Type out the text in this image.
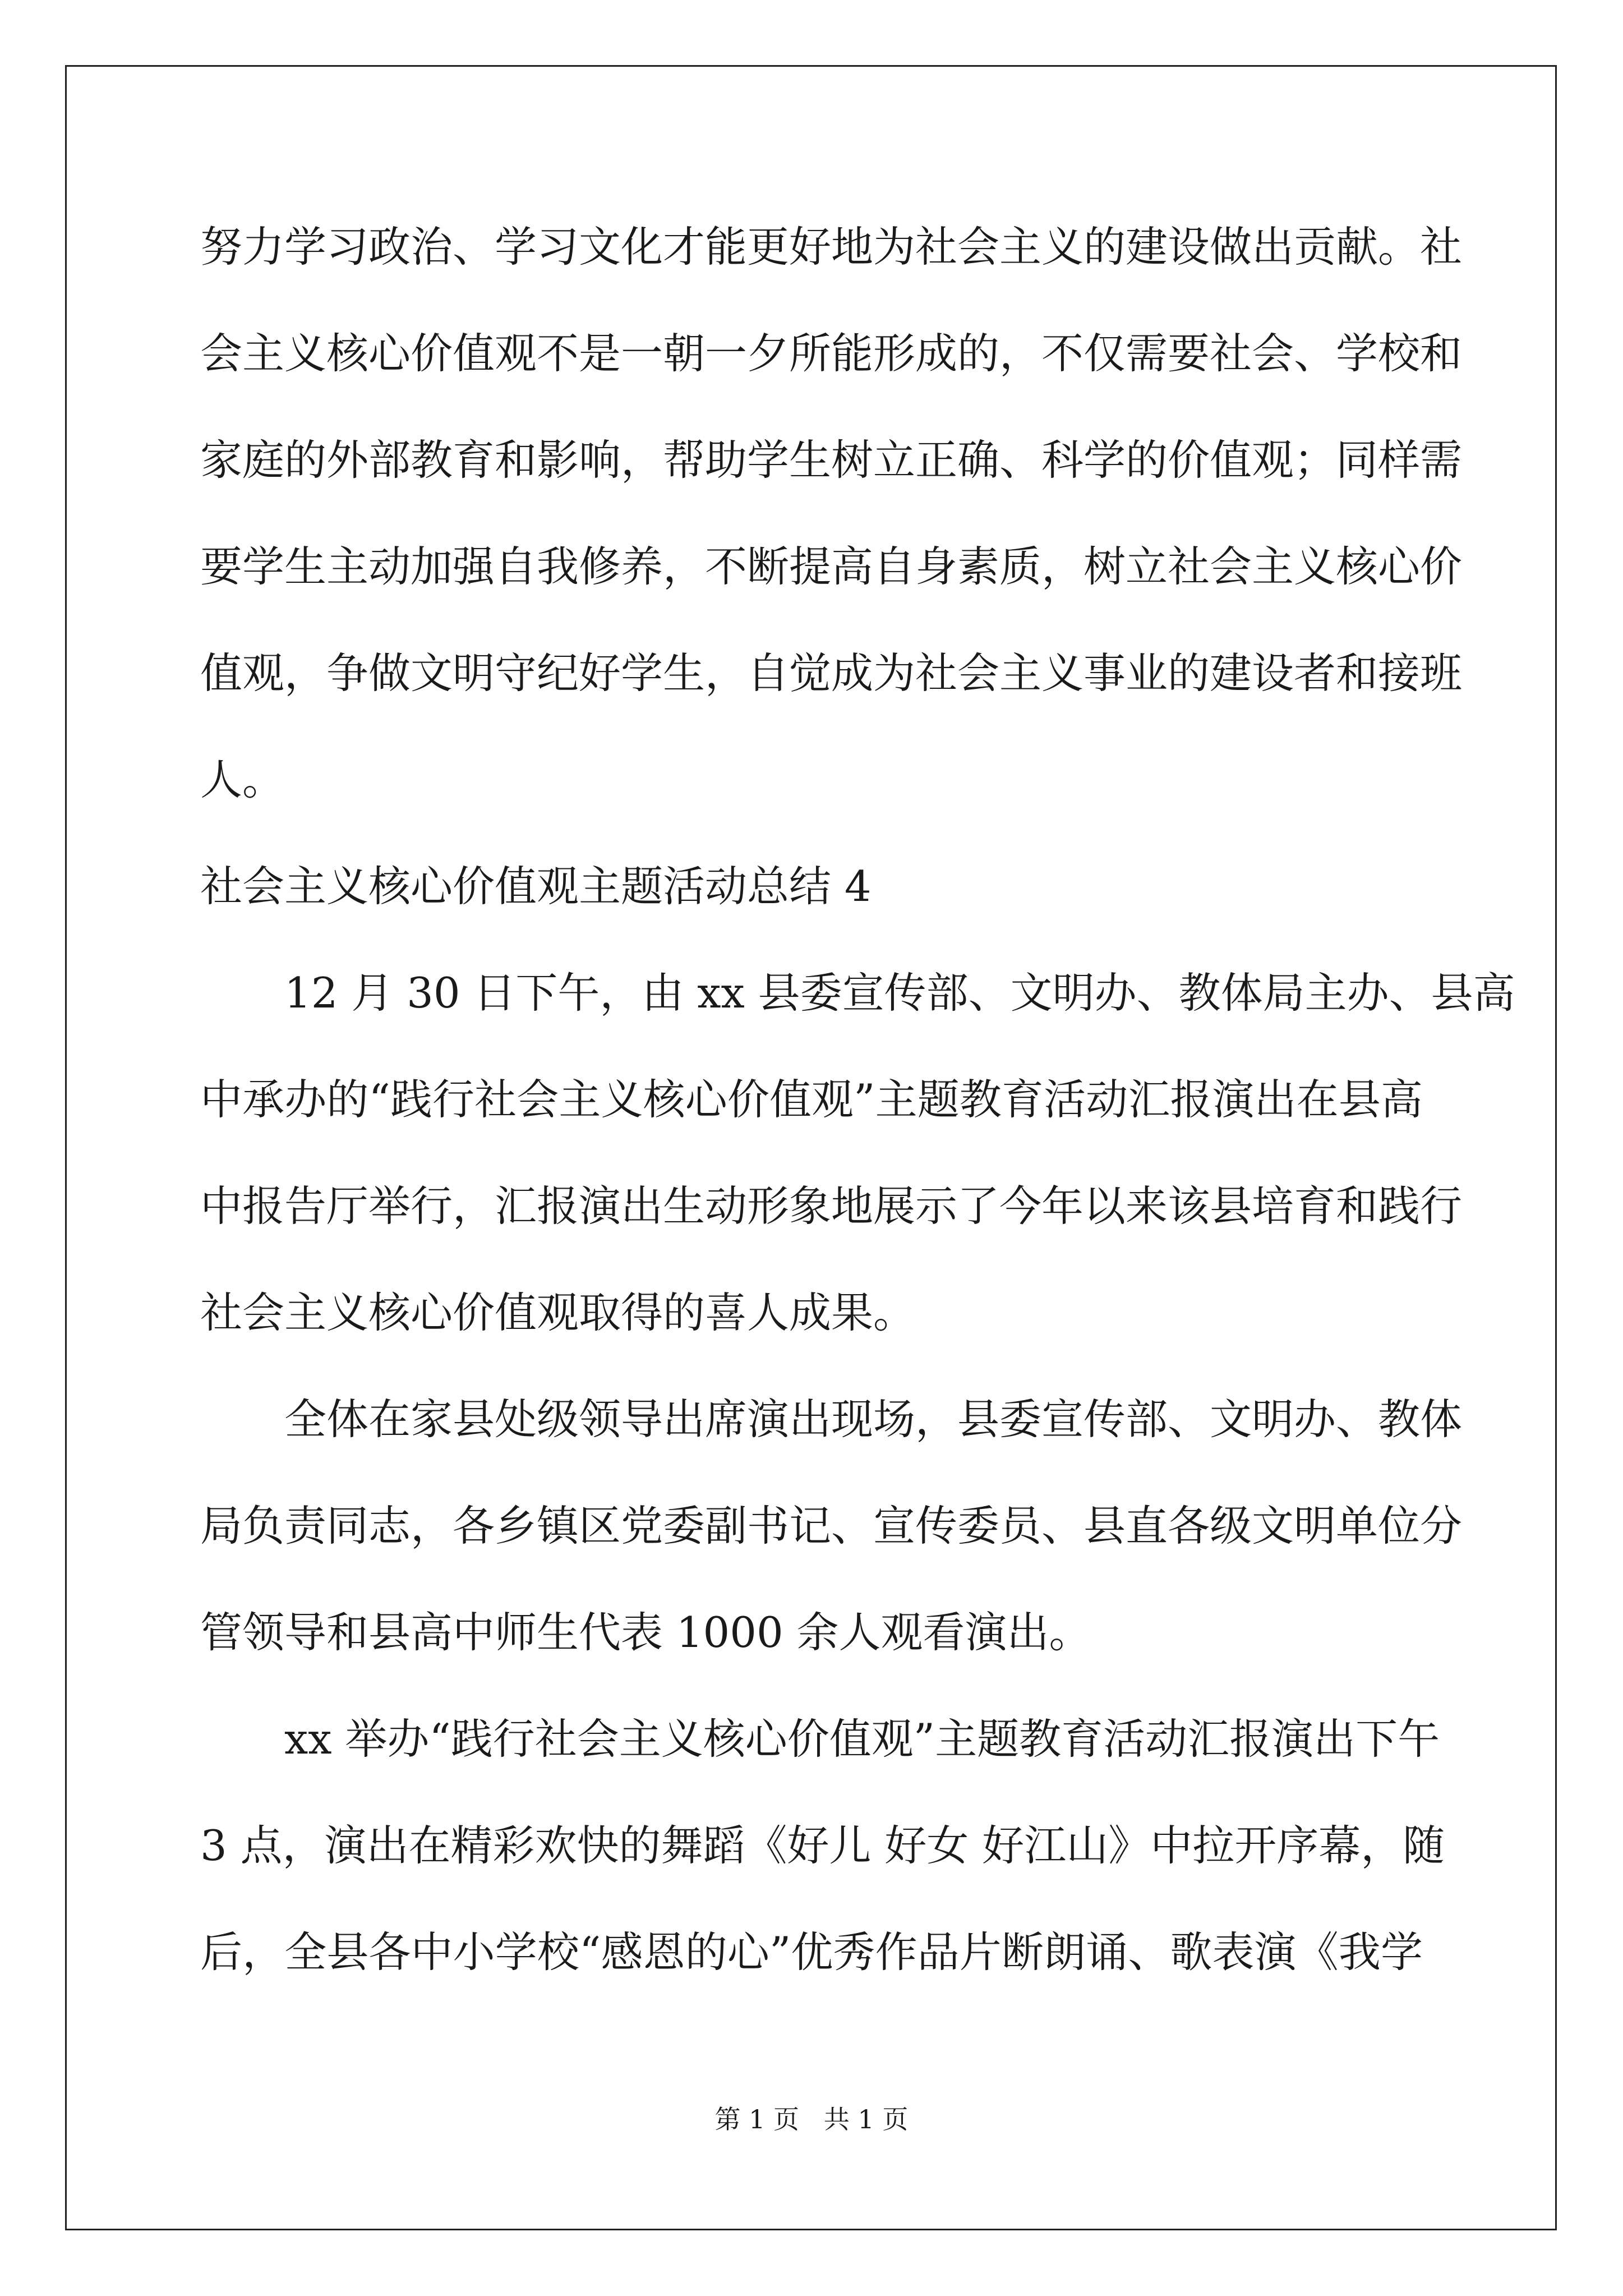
努力学习政治、学习文化才能更好地为社会主义的建设做出贡献。社
会主义核心价值观不是一朝一夕所能形成的，不仅需要社会、学校和
家庭的外部教育和影响，帮助学生树立正确、科学的价值观；同样需
要学生主动加强自我修养，不断提高自身素质，树立社会主义核心价
值观，争做文明守纪好学生，自觉成为社会主义事业的建设者和接班
人。
社会主义核心价值观主题活动总结 4
12 月 30 日下午，由 xx 县委宣传部、文明办、教体局主办、县高
中承办的“践行社会主义核心价值观”主题教育活动汇报演出在县高
中报告厅举行，汇报演出生动形象地展示了今年以来该县培育和践行
社会主义核心价值观取得的喜人成果。
全体在家县处级领导出席演出现场，县委宣传部、文明办、教体
局负责同志，各乡镇区党委副书记、宣传委员、县直各级文明单位分
管领导和县高中师生代表 1000 余人观看演出。
xx 举办“践行社会主义核心价值观”主题教育活动汇报演出下午
3 点，演出在精彩欢快的舞蹈《好儿 好女 好江山》中拉开序幕，随
后，全县各中小学校“感恩的心”优秀作品片断朗诵、歌表演《我学
第 1 页   共 1 页
